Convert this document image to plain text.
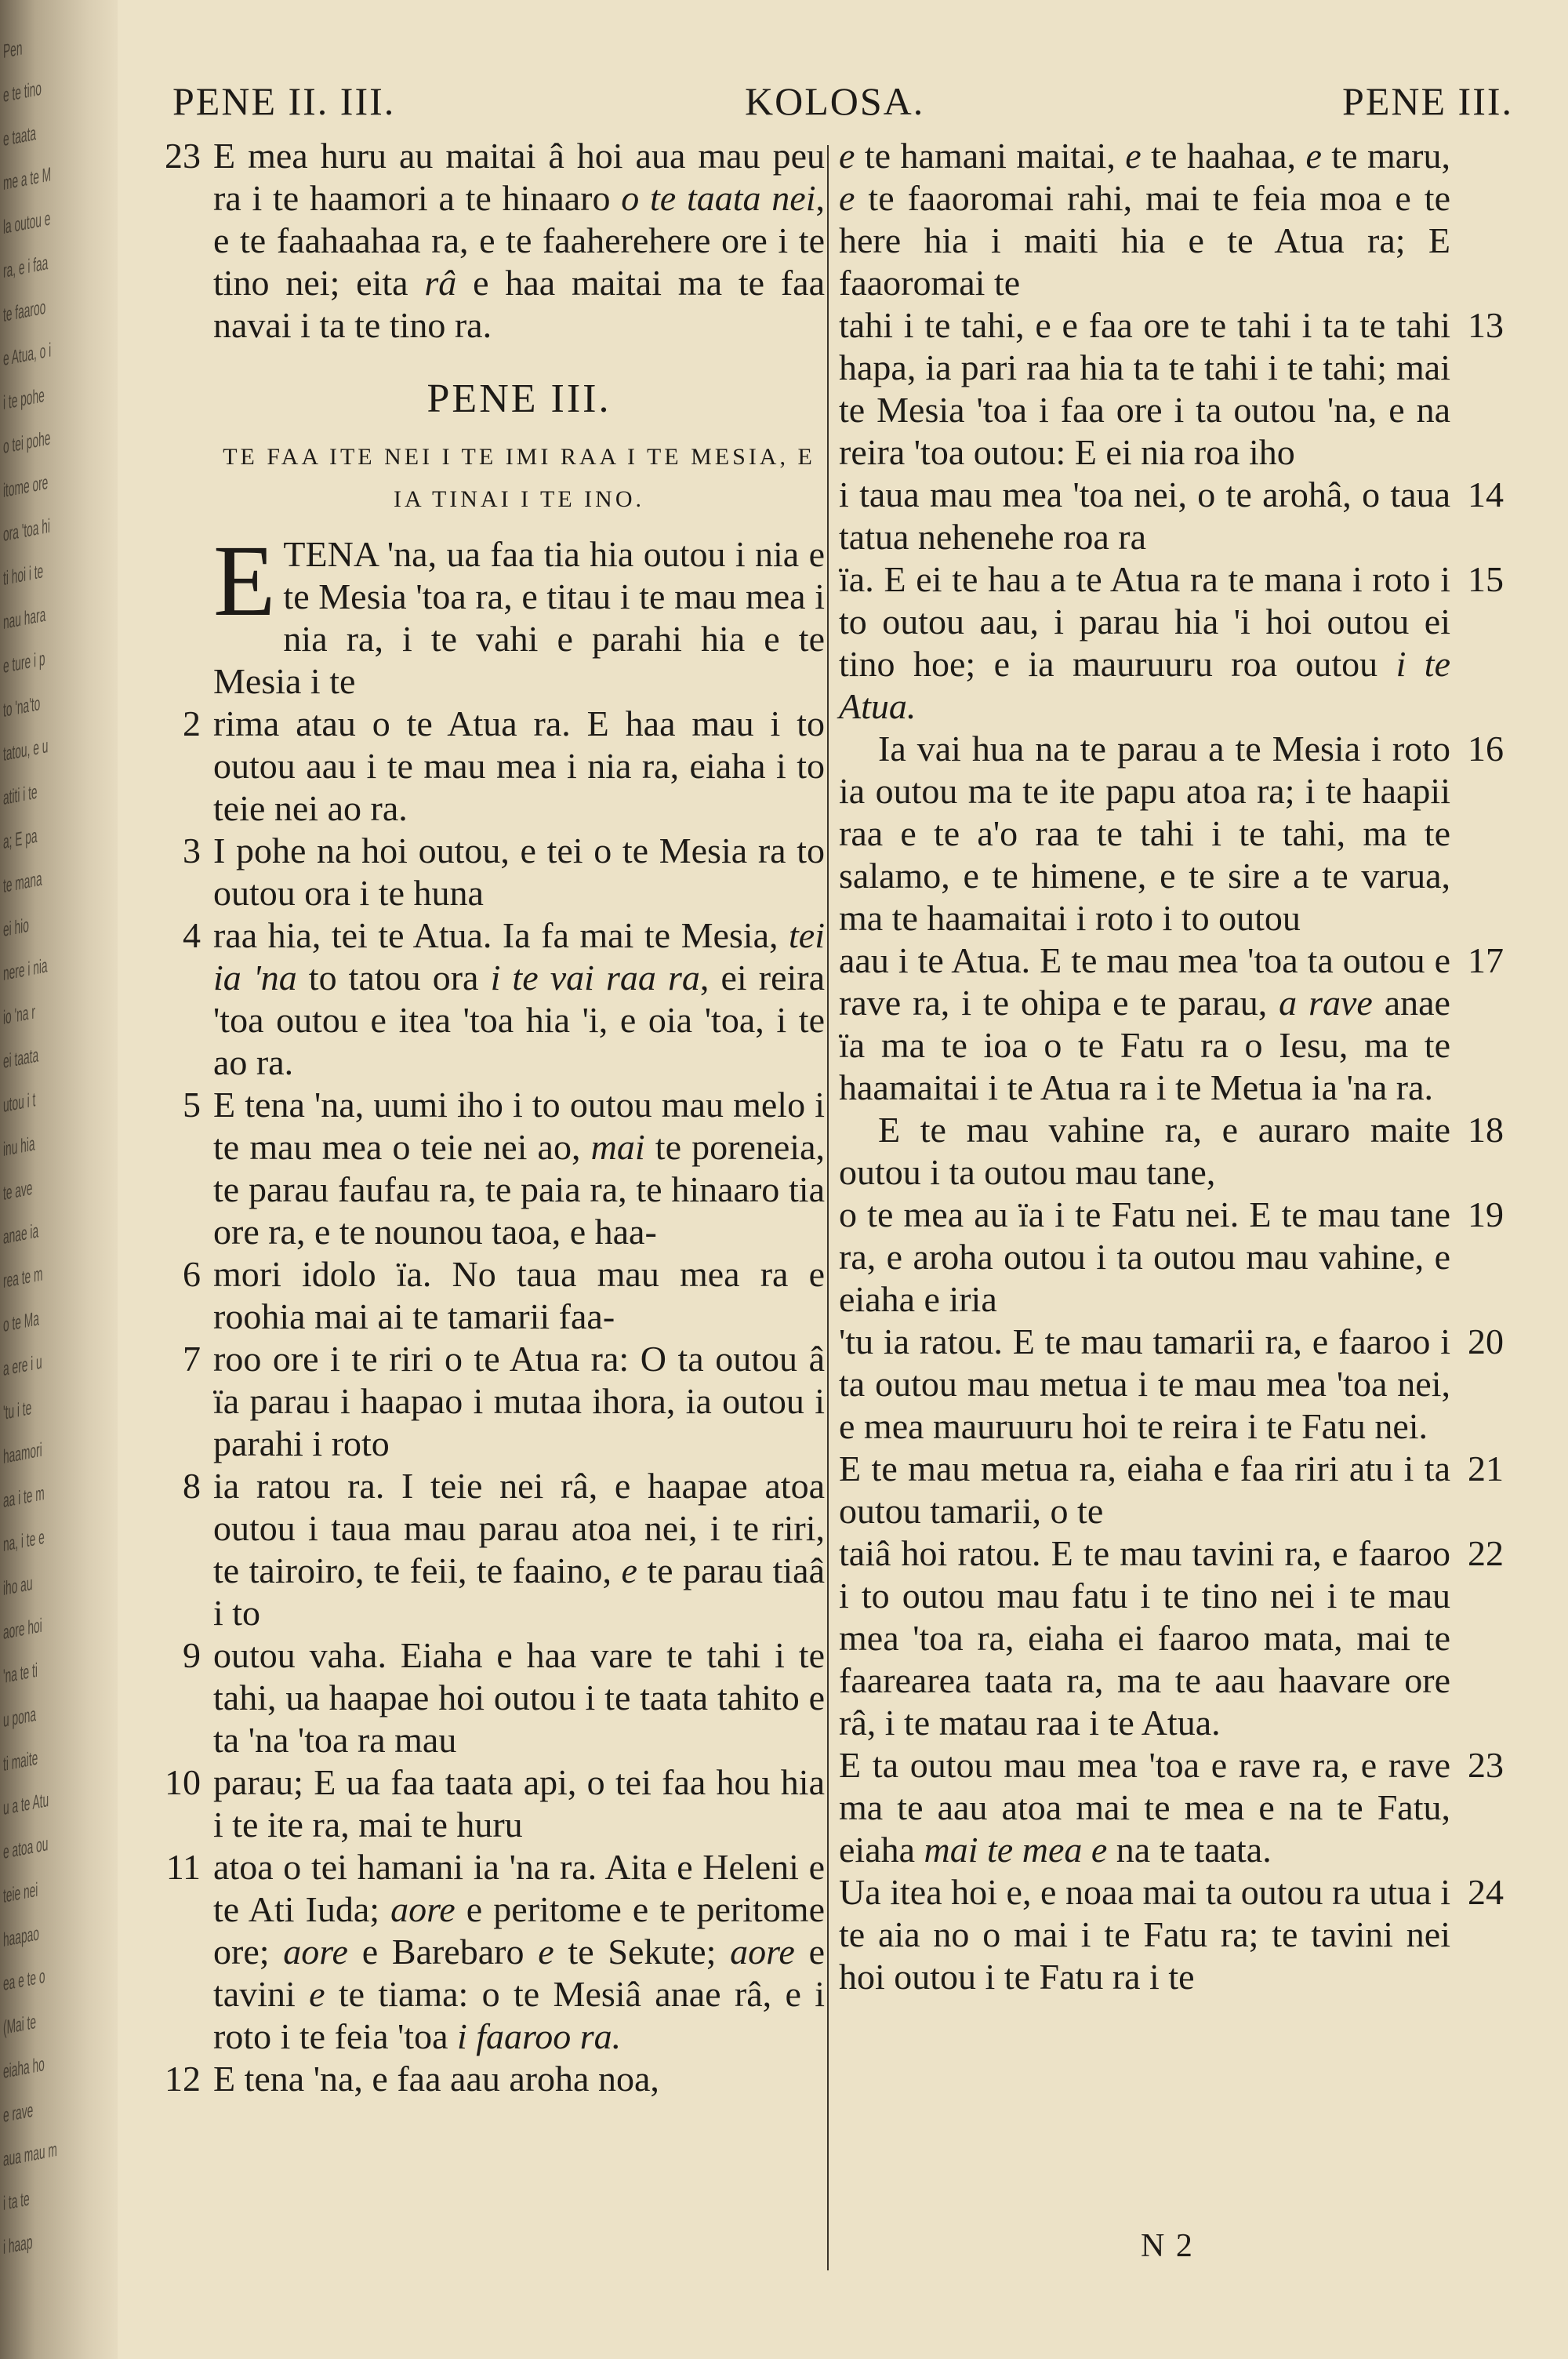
Pen
e te tino
e taata
me a te M
la outou e
ra, e i faa
te faaroo
e Atua, o i
i te pohe
o tei pohe
itome ore
ora 'toa hi
ti hoi i te
nau hara
e ture i p
to 'na'to
tatou, e u
atiti i te
a; E pa
te mana
ei hio
nere i nia
io 'na r
ei taata
utou i t
inu hia
te ave
anae ia
rea te m
o te Ma
a ere i u
'tu i te
haamori
aa i te m
na, i te e
iho au
aore hoi
'na te ti
u pona
ti maite
u a te Atu
e atoa ou
teie nei
haapao
ea e te o
(Mai te
eiaha ho
e rave
aua mau m
i ta te
i haap
PENE II. III.	KOLOSA.	PENE III.
23 E mea huru au maitai â hoi aua mau peu ra i te haamori a te hinaaro o te taata nei, e te faahaahaa ra, e te faaherehere ore i te tino nei; eita râ e haa maitai ma te faa navai i ta te tino ra.
PENE III.
TE FAA ITE NEI I TE IMI RAA I TE MESIA, E IA TINAI I TE INO.
ETENA 'na, ua faa tia hia outou i nia e te Mesia 'toa ra, e titau i te mau mea i nia ra, i te vahi e parahi hia e te Mesia i te
2 rima atau o te Atua ra. E haa mau i to outou aau i te mau mea i nia ra, eiaha i to teie nei ao ra.
3 I pohe na hoi outou, e tei o te Mesia ra to outou ora i te huna
4 raa hia, tei te Atua. Ia fa mai te Mesia, tei ia 'na to tatou ora i te vai raa ra, ei reira 'toa outou e itea 'toa hia 'i, e oia 'toa, i te ao ra.
5 E tena 'na, uumi iho i to outou mau melo i te mau mea o teie nei ao, mai te poreneia, te parau faufau ra, te paia ra, te hinaaro tia ore ra, e te nounou taoa, e haa-
6 mori idolo ïa. No taua mau mea ra e roohia mai ai te tamarii faa-
7 roo ore i te riri o te Atua ra: O ta outou â ïa parau i haapao i mutaa ihora, ia outou i parahi i roto
8 ia ratou ra. I teie nei râ, e haapae atoa outou i taua mau parau atoa nei, i te riri, te tairoiro, te feii, te faaino, e te parau tiaâ i to
9 outou vaha. Eiaha e haa vare te tahi i te tahi, ua haapae hoi outou i te taata tahito e ta 'na 'toa ra mau
10 parau; E ua faa taata api, o tei faa hou hia i te ite ra, mai te huru
11 atoa o tei hamani ia 'na ra. Aita e Heleni e te Ati Iuda; aore e peritome e te peritome ore; aore e Barebaro e te Sekute; aore e tavini e te tiama: o te Mesiâ anae râ, e i roto i te feia 'toa i faaroo ra.
12 E tena 'na, e faa aau aroha noa,
e te hamani maitai, e te haahaa, e te maru, e te faaoromai rahi, mai te feia moa e te here hia i maiti hia e te Atua ra; E faaoromai te
13
tahi i te tahi, e e faa ore te tahi i ta te tahi hapa, ia pari raa hia ta te tahi i te tahi; mai te Mesia 'toa i faa ore i ta outou 'na, e na reira 'toa outou: E ei nia roa iho
14
i taua mau mea 'toa nei, o te arohâ, o taua tatua nehenehe roa ra
15
ïa. E ei te hau a te Atua ra te mana i roto i to outou aau, i parau hia 'i hoi outou ei tino hoe; e ia mauruuru roa outou i te Atua.
16
Ia vai hua na te parau a te Mesia i roto ia outou ma te ite papu atoa ra; i te haapii raa e te a'o raa te tahi i te tahi, ma te salamo, e te himene, e te sire a te varua, ma te haamaitai i roto i to outou
17
aau i te Atua. E te mau mea 'toa ta outou e rave ra, i te ohipa e te parau, a rave anae ïa ma te ioa o te Fatu ra o Iesu, ma te haamaitai i te Atua ra i te Metua ia 'na ra.
18
E te mau vahine ra, e auraro maite outou i ta outou mau tane,
19
o te mea au ïa i te Fatu nei. E te mau tane ra, e aroha outou i ta outou mau vahine, e eiaha e iria
20
'tu ia ratou. E te mau tamarii ra, e faaroo i ta outou mau metua i te mau mea 'toa nei, e mea mauruuru hoi te reira i te Fatu nei.
21
E te mau metua ra, eiaha e faa riri atu i ta outou tamarii, o te
22
taiâ hoi ratou. E te mau tavini ra, e faaroo i to outou mau fatu i te tino nei i te mau mea 'toa ra, eiaha ei faaroo mata, mai te faarearea taata ra, ma te aau haavare ore râ, i te matau raa i te Atua.
23
E ta outou mau mea 'toa e rave ra, e rave ma te aau atoa mai te mea e na te Fatu, eiaha mai te mea e na te taata.
24
Ua itea hoi e, e noaa mai ta outou ra utua i te aia no o mai i te Fatu ra; te tavini nei hoi outou i te Fatu ra i te
N 2
